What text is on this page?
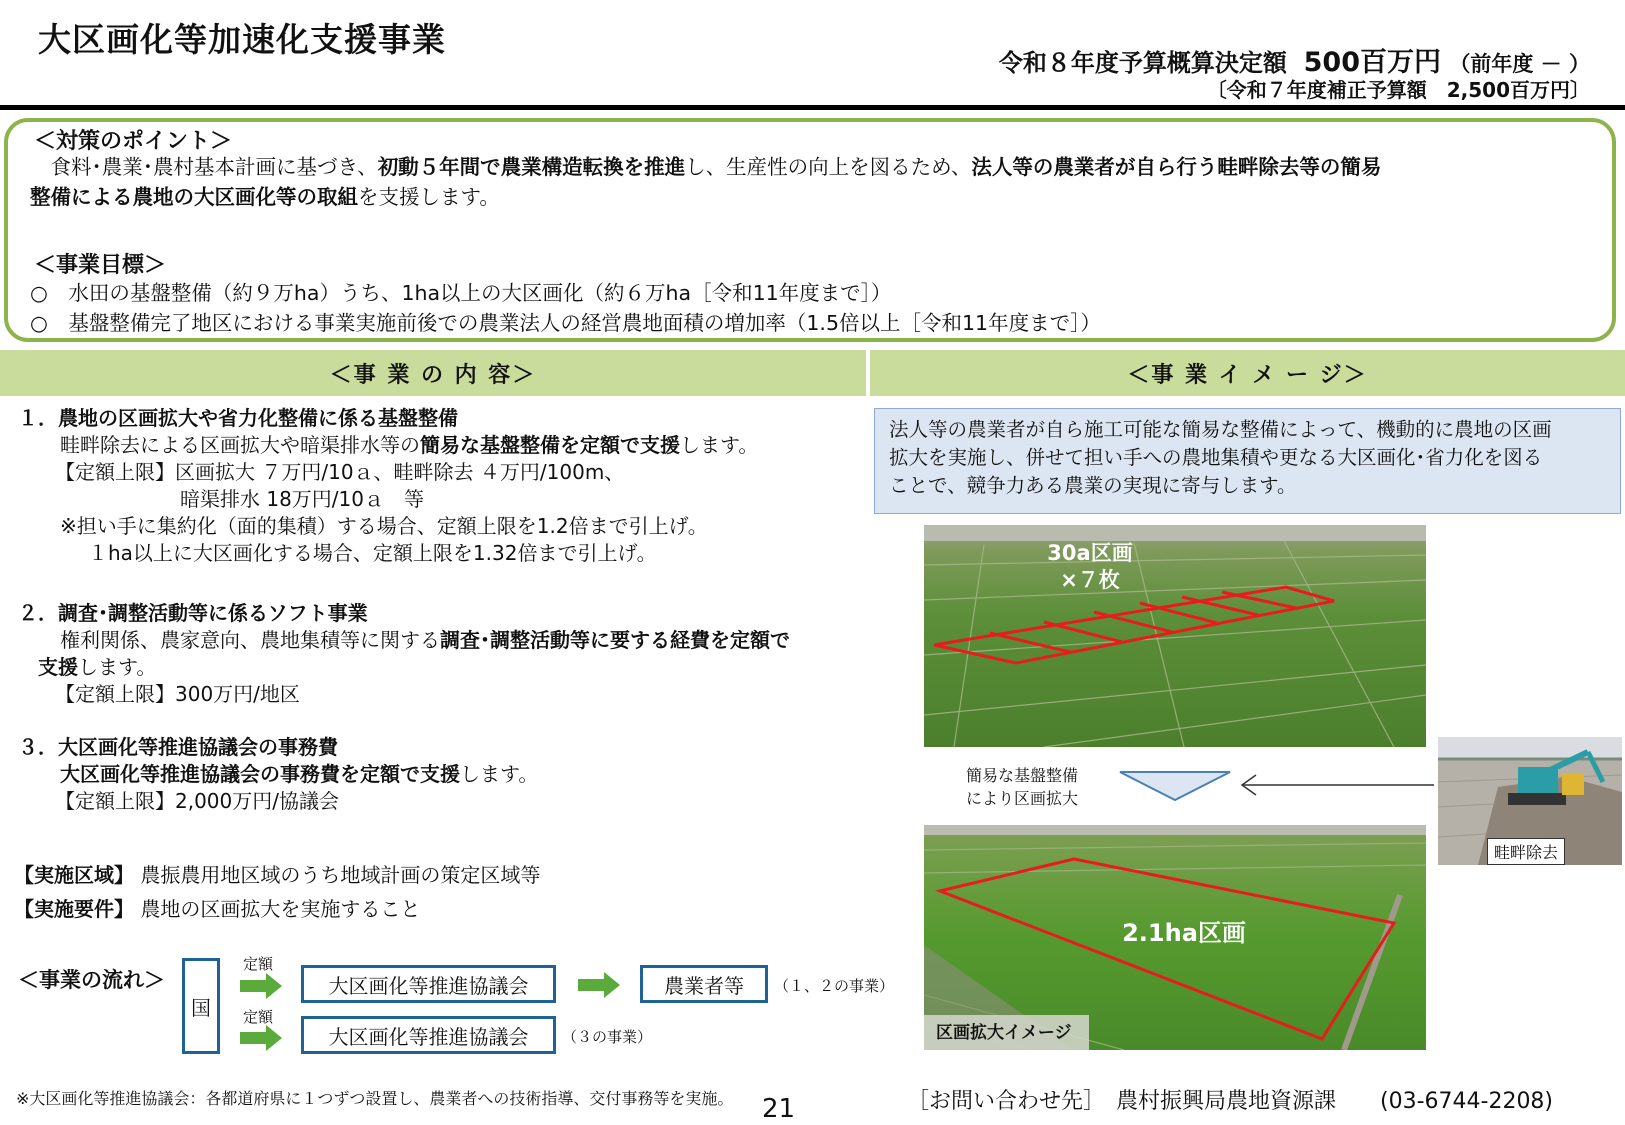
大区画化等加速化支援事業
令和８年度予算概算決定額 500百万円 （前年度 － ）
〔令和７年度補正予算額　2,500百万円〕
＜対策のポイント＞
　食料･農業･農村基本計画に基づき、初動５年間で農業構造転換を推進し、生産性の向上を図るため、法人等の農業者が自ら行う畦畔除去等の簡易
整備による農地の大区画化等の取組を支援します。
＜事業目標＞
○　水田の基盤整備（約９万ha）うち、1ha以上の大区画化（約６万ha［令和11年度まで］）
○　基盤整備完了地区における事業実施前後での農業法人の経営農地面積の増加率（1.5倍以上［令和11年度まで］）
＜事 業 の 内 容＞	＜事 業 イ メ ー ジ＞
１．農地の区画拡大や省力化整備に係る基盤整備
畦畔除去による区画拡大や暗渠排水等の簡易な基盤整備を定額で支援します。
【定額上限】区画拡大 ７万円/10ａ、畦畔除去 ４万円/100m、
暗渠排水 18万円/10ａ　等
※担い手に集約化（面的集積）する場合、定額上限を1.2倍まで引上げ。
１ha以上に大区画化する場合、定額上限を1.32倍まで引上げ。
２．調査･調整活動等に係るソフト事業
権利関係、農家意向、農地集積等に関する調査･調整活動等に要する経費を定額で
支援します。
【定額上限】300万円/地区
３．大区画化等推進協議会の事務費
大区画化等推進協議会の事務費を定額で支援します。
【定額上限】2,000万円/協議会
【実施区域】 農振農用地区域のうち地域計画の策定区域等
【実施要件】 農地の区画拡大を実施すること
＜事業の流れ＞
国
定額
定額
大区画化等推進協議会	農業者等 （１、２の事業）
大区画化等推進協議会 （３の事業）
※大区画化等推進協議会：各都道府県に１つずつ設置し、農業者への技術指導、交付事務等を実施。 21
法人等の農業者が自ら施工可能な簡易な整備によって、機動的に農地の区画
拡大を実施し、併せて担い手への農地集積や更なる大区画化･省力化を図る
ことで、競争力ある農業の実現に寄与します。
30a区画
×７枚
簡易な基盤整備
により区画拡大
畦畔除去
2.1ha区画
区画拡大イメージ
［お問い合わせ先］　農村振興局農地資源課　　(03-6744-2208)
